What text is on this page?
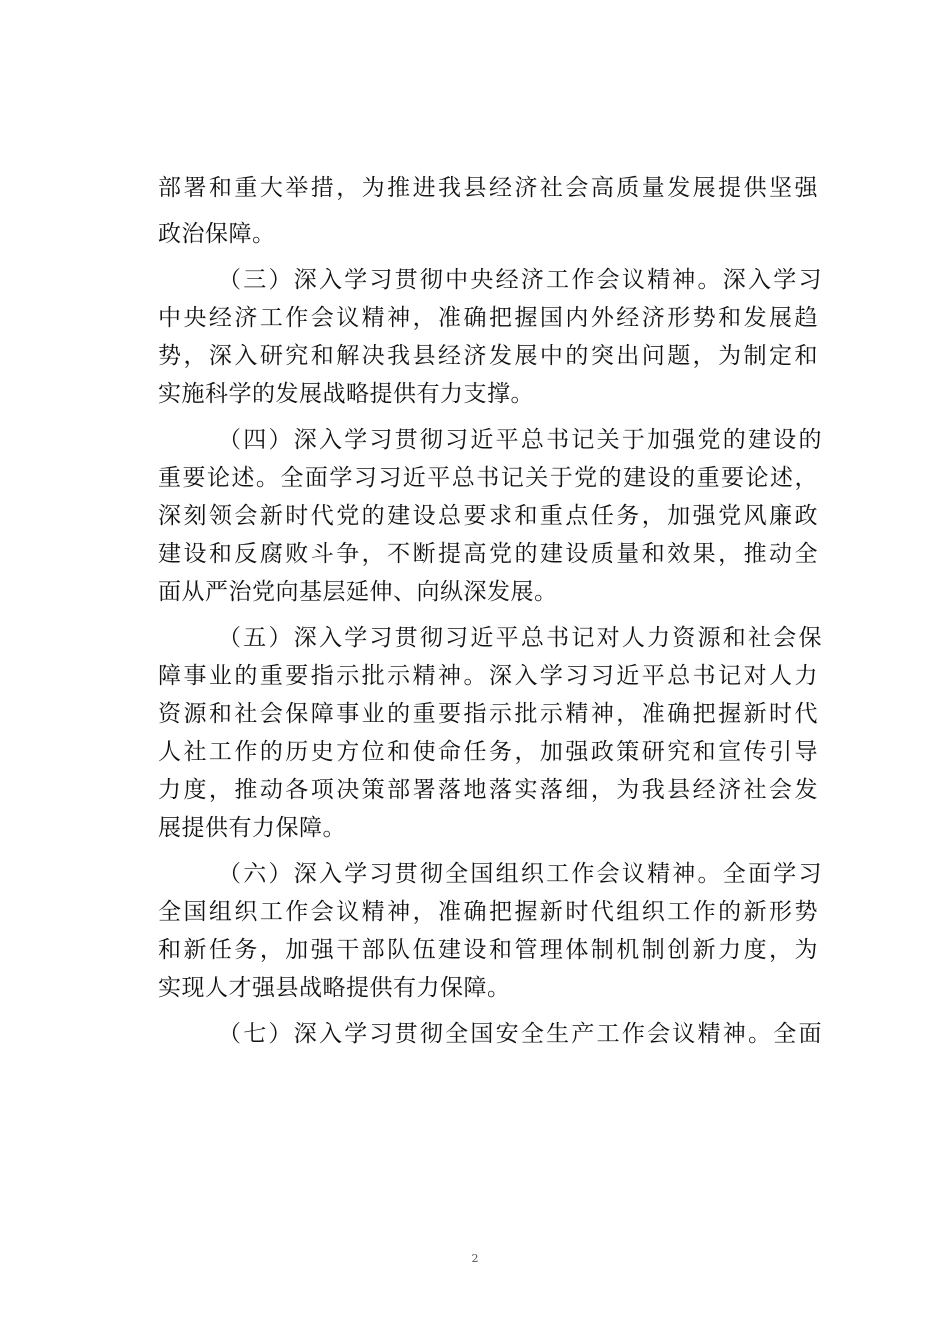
部署和重大举措，为推进我县经济社会高质量发展提供坚强
政治保障。
（三）深入学习贯彻中央经济工作会议精神。深入学习
中央经济工作会议精神，准确把握国内外经济形势和发展趋
势，深入研究和解决我县经济发展中的突出问题，为制定和
实施科学的发展战略提供有力支撑。
（四）深入学习贯彻习近平总书记关于加强党的建设的
重要论述。全面学习习近平总书记关于党的建设的重要论述，
深刻领会新时代党的建设总要求和重点任务，加强党风廉政
建设和反腐败斗争，不断提高党的建设质量和效果，推动全
面从严治党向基层延伸、向纵深发展。
（五）深入学习贯彻习近平总书记对人力资源和社会保
障事业的重要指示批示精神。深入学习习近平总书记对人力
资源和社会保障事业的重要指示批示精神，准确把握新时代
人社工作的历史方位和使命任务，加强政策研究和宣传引导
力度，推动各项决策部署落地落实落细，为我县经济社会发
展提供有力保障。
（六）深入学习贯彻全国组织工作会议精神。全面学习
全国组织工作会议精神，准确把握新时代组织工作的新形势
和新任务，加强干部队伍建设和管理体制机制创新力度，为
实现人才强县战略提供有力保障。
（七）深入学习贯彻全国安全生产工作会议精神。全面
2
